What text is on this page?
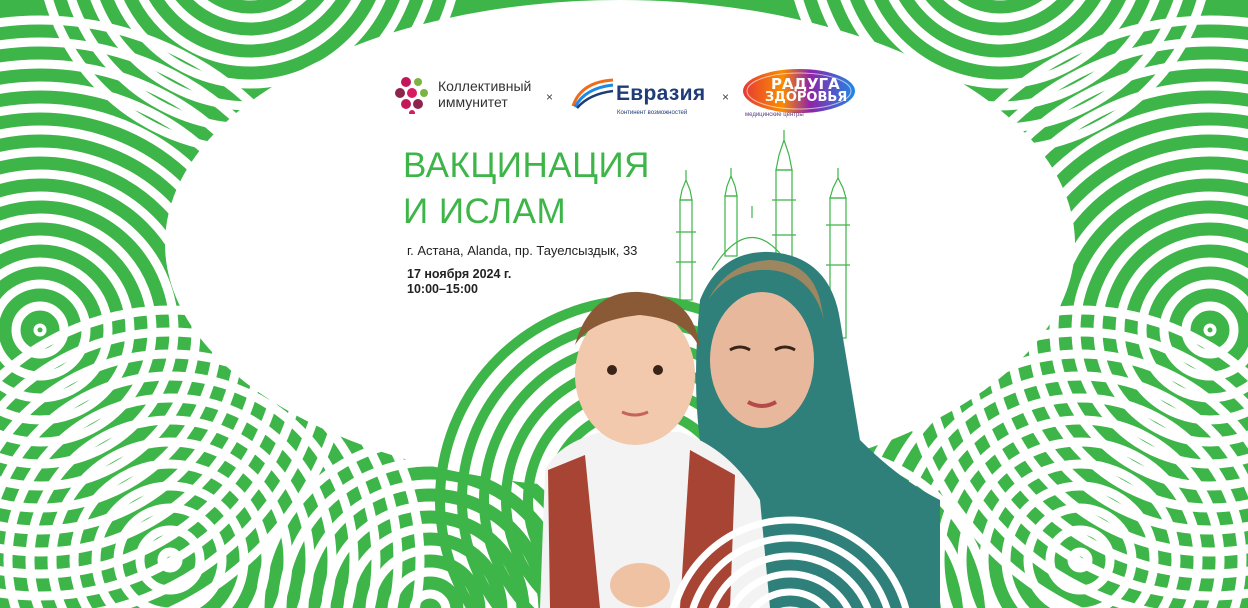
Коллективный
иммунитет	×	Евразия
Континент возможностей
×
РАДУГА
ЗДОРОВЬЯ
медицинские центры
ВАКЦИНАЦИЯ
И ИСЛАМ
г. Астана, Alanda, пр. Тауелсыздык, 33
17 ноября 2024 г.
10:00–15:00
